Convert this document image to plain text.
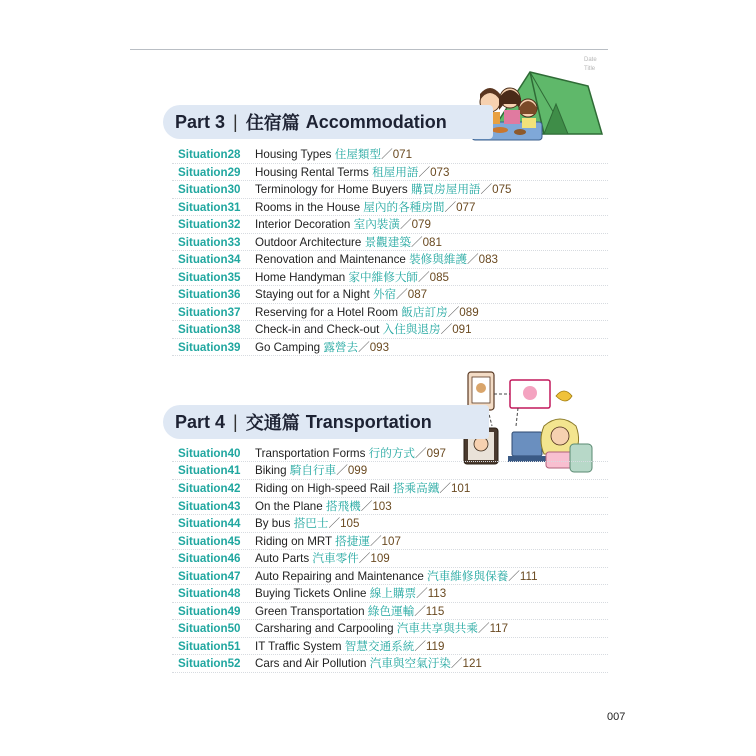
Date
Title
Part 3 | 住宿篇 Accommodation
Situation28 Housing Types 住屋類型／071
Situation29 Housing Rental Terms 租屋用語／073
Situation30 Terminology for Home Buyers 購買房屋用語／075
Situation31 Rooms in the House 屋內的各種房間／077
Situation32 Interior Decoration 室內裝潢／079
Situation33 Outdoor Architecture 景觀建築／081
Situation34 Renovation and Maintenance 裝修與維護／083
Situation35 Home Handyman 家中維修大師／085
Situation36 Staying out for a Night 外宿／087
Situation37 Reserving for a Hotel Room 飯店訂房／089
Situation38 Check-in and Check-out 入住與退房／091
Situation39 Go Camping 露營去／093
Part 4 | 交通篇 Transportation
Situation40 Transportation Forms 行的方式／097
Situation41 Biking 騎自行車／099
Situation42 Riding on High-speed Rail 搭乘高鐵／101
Situation43 On the Plane 搭飛機／103
Situation44 By bus 搭巴士／105
Situation45 Riding on MRT 搭捷運／107
Situation46 Auto Parts 汽車零件／109
Situation47 Auto Repairing and Maintenance 汽車維修與保養／111
Situation48 Buying Tickets Online 線上購票／113
Situation49 Green Transportation 綠色運輸／115
Situation50 Carsharing and Carpooling 汽車共享與共乘／117
Situation51 IT Traffic System 智慧交通系統／119
Situation52 Cars and Air Pollution 汽車與空氣汙染／121
007
